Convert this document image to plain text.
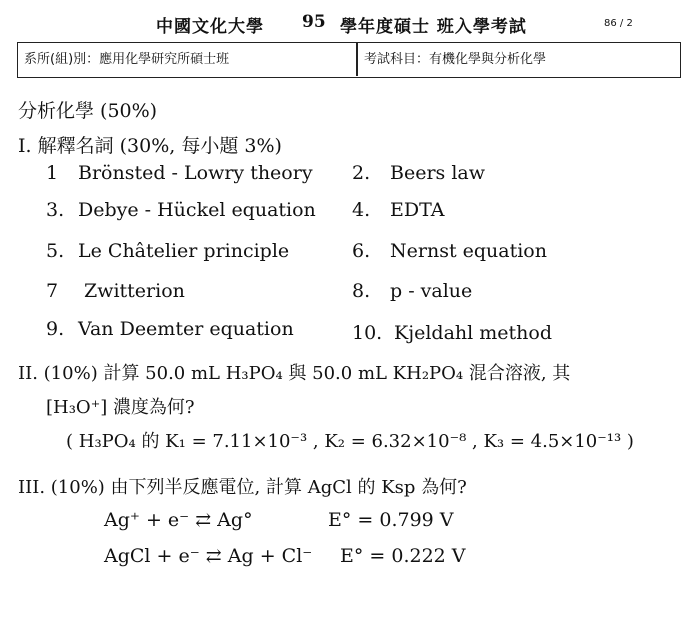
中國文化大學 95 學年度碩士 班入學考試	86 / 2
系所(組)別：應用化學研究所碩士班	考試科目：有機化學與分析化學
分析化學 (50%)
I. 解釋名詞 (30%, 每小題 3%)
1 Brönsted - Lowry theory 2. Beers law
3. Debye - Hückel equation 4. EDTA
5. Le Châtelier principle	6. Nernst equation
7 Zwitterion	8. p - value
9. Van Deemter equation	10. Kjeldahl method
II. (10%) 計算 50.0 mL H₃PO₄ 與 50.0 mL KH₂PO₄ 混合溶液, 其
[H₃O⁺] 濃度為何?
( H₃PO₄ 的 K₁ = 7.11×10⁻³ , K₂ = 6.32×10⁻⁸ , K₃ = 4.5×10⁻¹³ )
III. (10%) 由下列半反應電位, 計算 AgCl 的 Ksp 為何?
Ag⁺ + e⁻ ⇄ Ag°	E° = 0.799 V
AgCl + e⁻ ⇄ Ag + Cl⁻ E° = 0.222 V
